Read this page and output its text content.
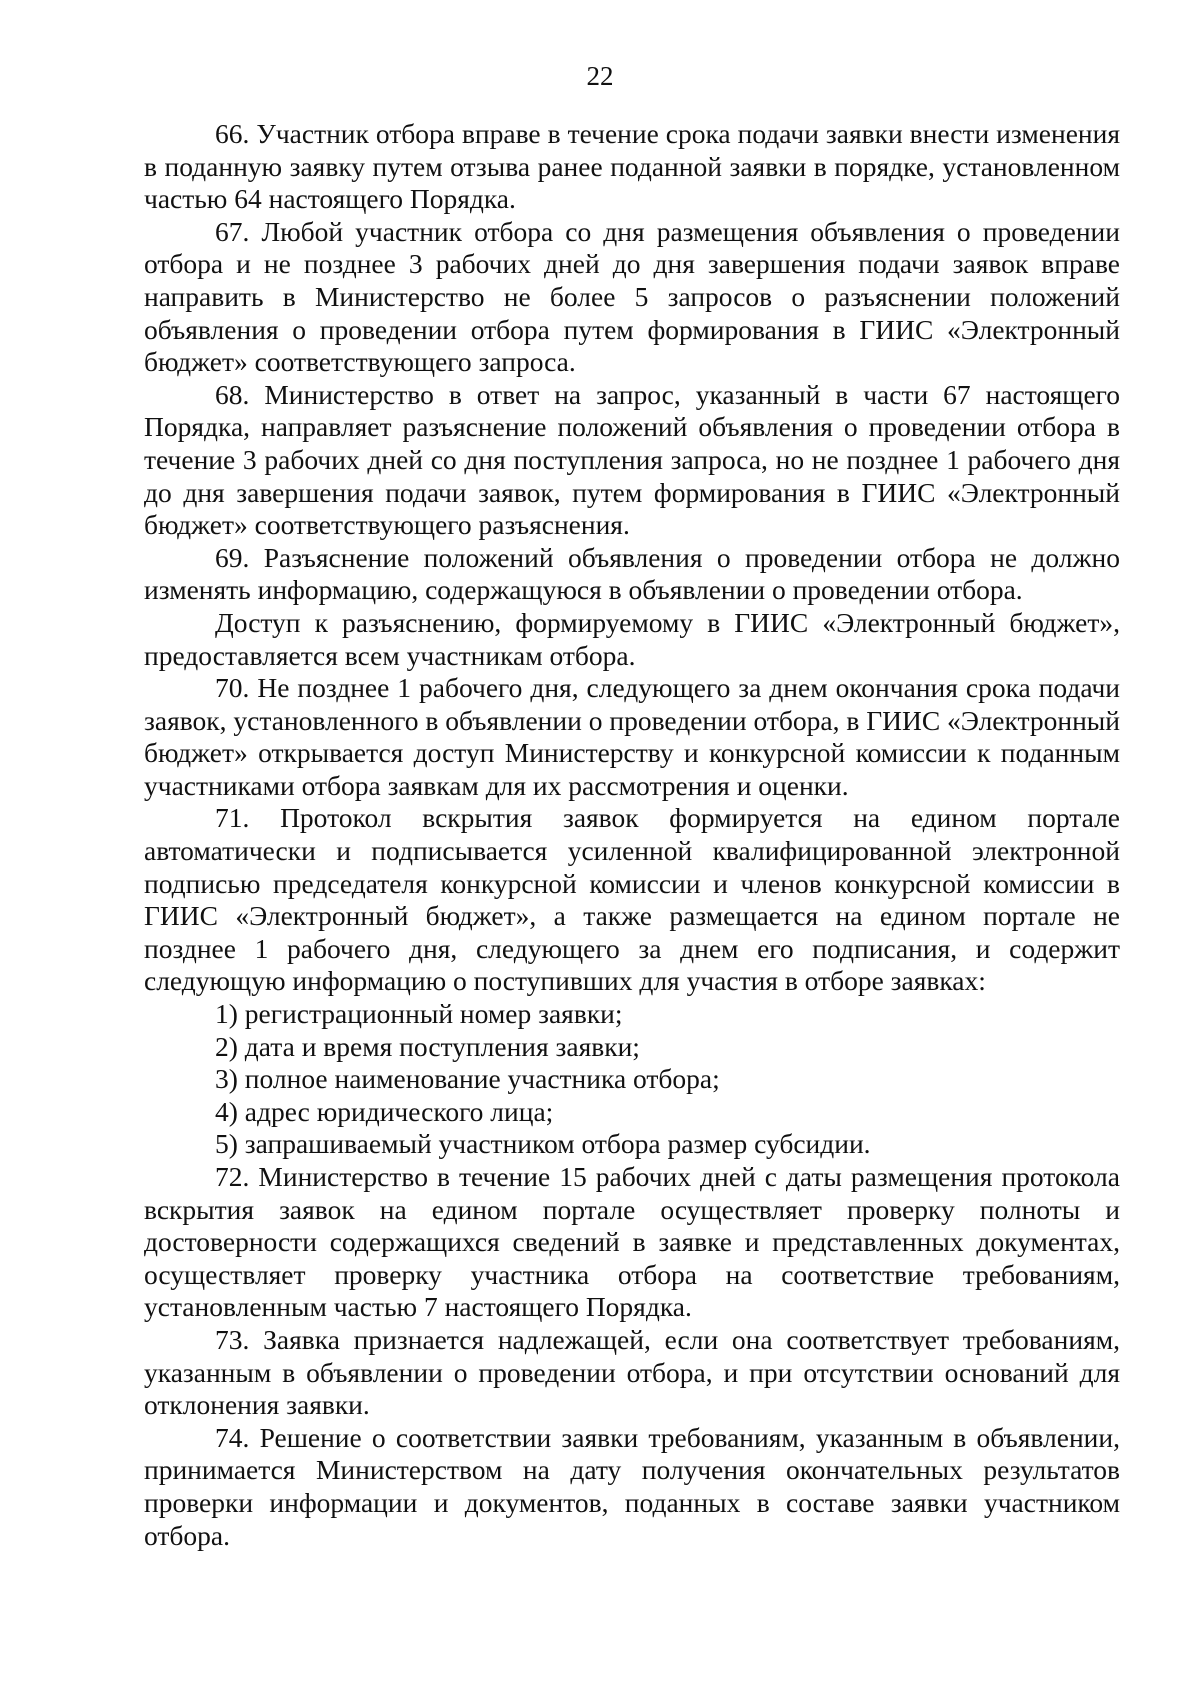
22

66. Участник отбора вправе в течение срока подачи заявки внести изменения в поданную заявку путем отзыва ранее поданной заявки в порядке, установленном частью 64 настоящего Порядка.

67. Любой участник отбора со дня размещения объявления о проведении отбора и не позднее 3 рабочих дней до дня завершения подачи заявок вправе направить в Министерство не более 5 запросов о разъяснении положений объявления о проведении отбора путем формирования в ГИИС «Электронный бюджет» соответствующего запроса.

68. Министерство в ответ на запрос, указанный в части 67 настоящего Порядка, направляет разъяснение положений объявления о проведении отбора в течение 3 рабочих дней со дня поступления запроса, но не позднее 1 рабочего дня до дня завершения подачи заявок, путем формирования в ГИИС «Электронный бюджет» соответствующего разъяснения.

69. Разъяснение положений объявления о проведении отбора не должно изменять информацию, содержащуюся в объявлении о проведении отбора.

Доступ к разъяснению, формируемому в ГИИС «Электронный бюджет», предоставляется всем участникам отбора.

70. Не позднее 1 рабочего дня, следующего за днем окончания срока подачи заявок, установленного в объявлении о проведении отбора, в ГИИС «Электронный бюджет» открывается доступ Министерству и конкурсной комиссии к поданным участниками отбора заявкам для их рассмотрения и оценки.

71. Протокол вскрытия заявок формируется на едином портале автоматически и подписывается усиленной квалифицированной электронной подписью председателя конкурсной комиссии и членов конкурсной комиссии в ГИИС «Электронный бюджет», а также размещается на едином портале не позднее 1 рабочего дня, следующего за днем его подписания, и содержит следующую информацию о поступивших для участия в отборе заявках:

1) регистрационный номер заявки;

2) дата и время поступления заявки;

3) полное наименование участника отбора;

4) адрес юридического лица;

5) запрашиваемый участником отбора размер субсидии.

72. Министерство в течение 15 рабочих дней с даты размещения протокола вскрытия заявок на едином портале осуществляет проверку полноты и достоверности содержащихся сведений в заявке и представленных документах, осуществляет проверку участника отбора на соответствие требованиям, установленным частью 7 настоящего Порядка.

73. Заявка признается надлежащей, если она соответствует требованиям, указанным в объявлении о проведении отбора, и при отсутствии оснований для отклонения заявки.

74. Решение о соответствии заявки требованиям, указанным в объявлении, принимается Министерством на дату получения окончательных результатов проверки информации и документов, поданных в составе заявки участником отбора.
